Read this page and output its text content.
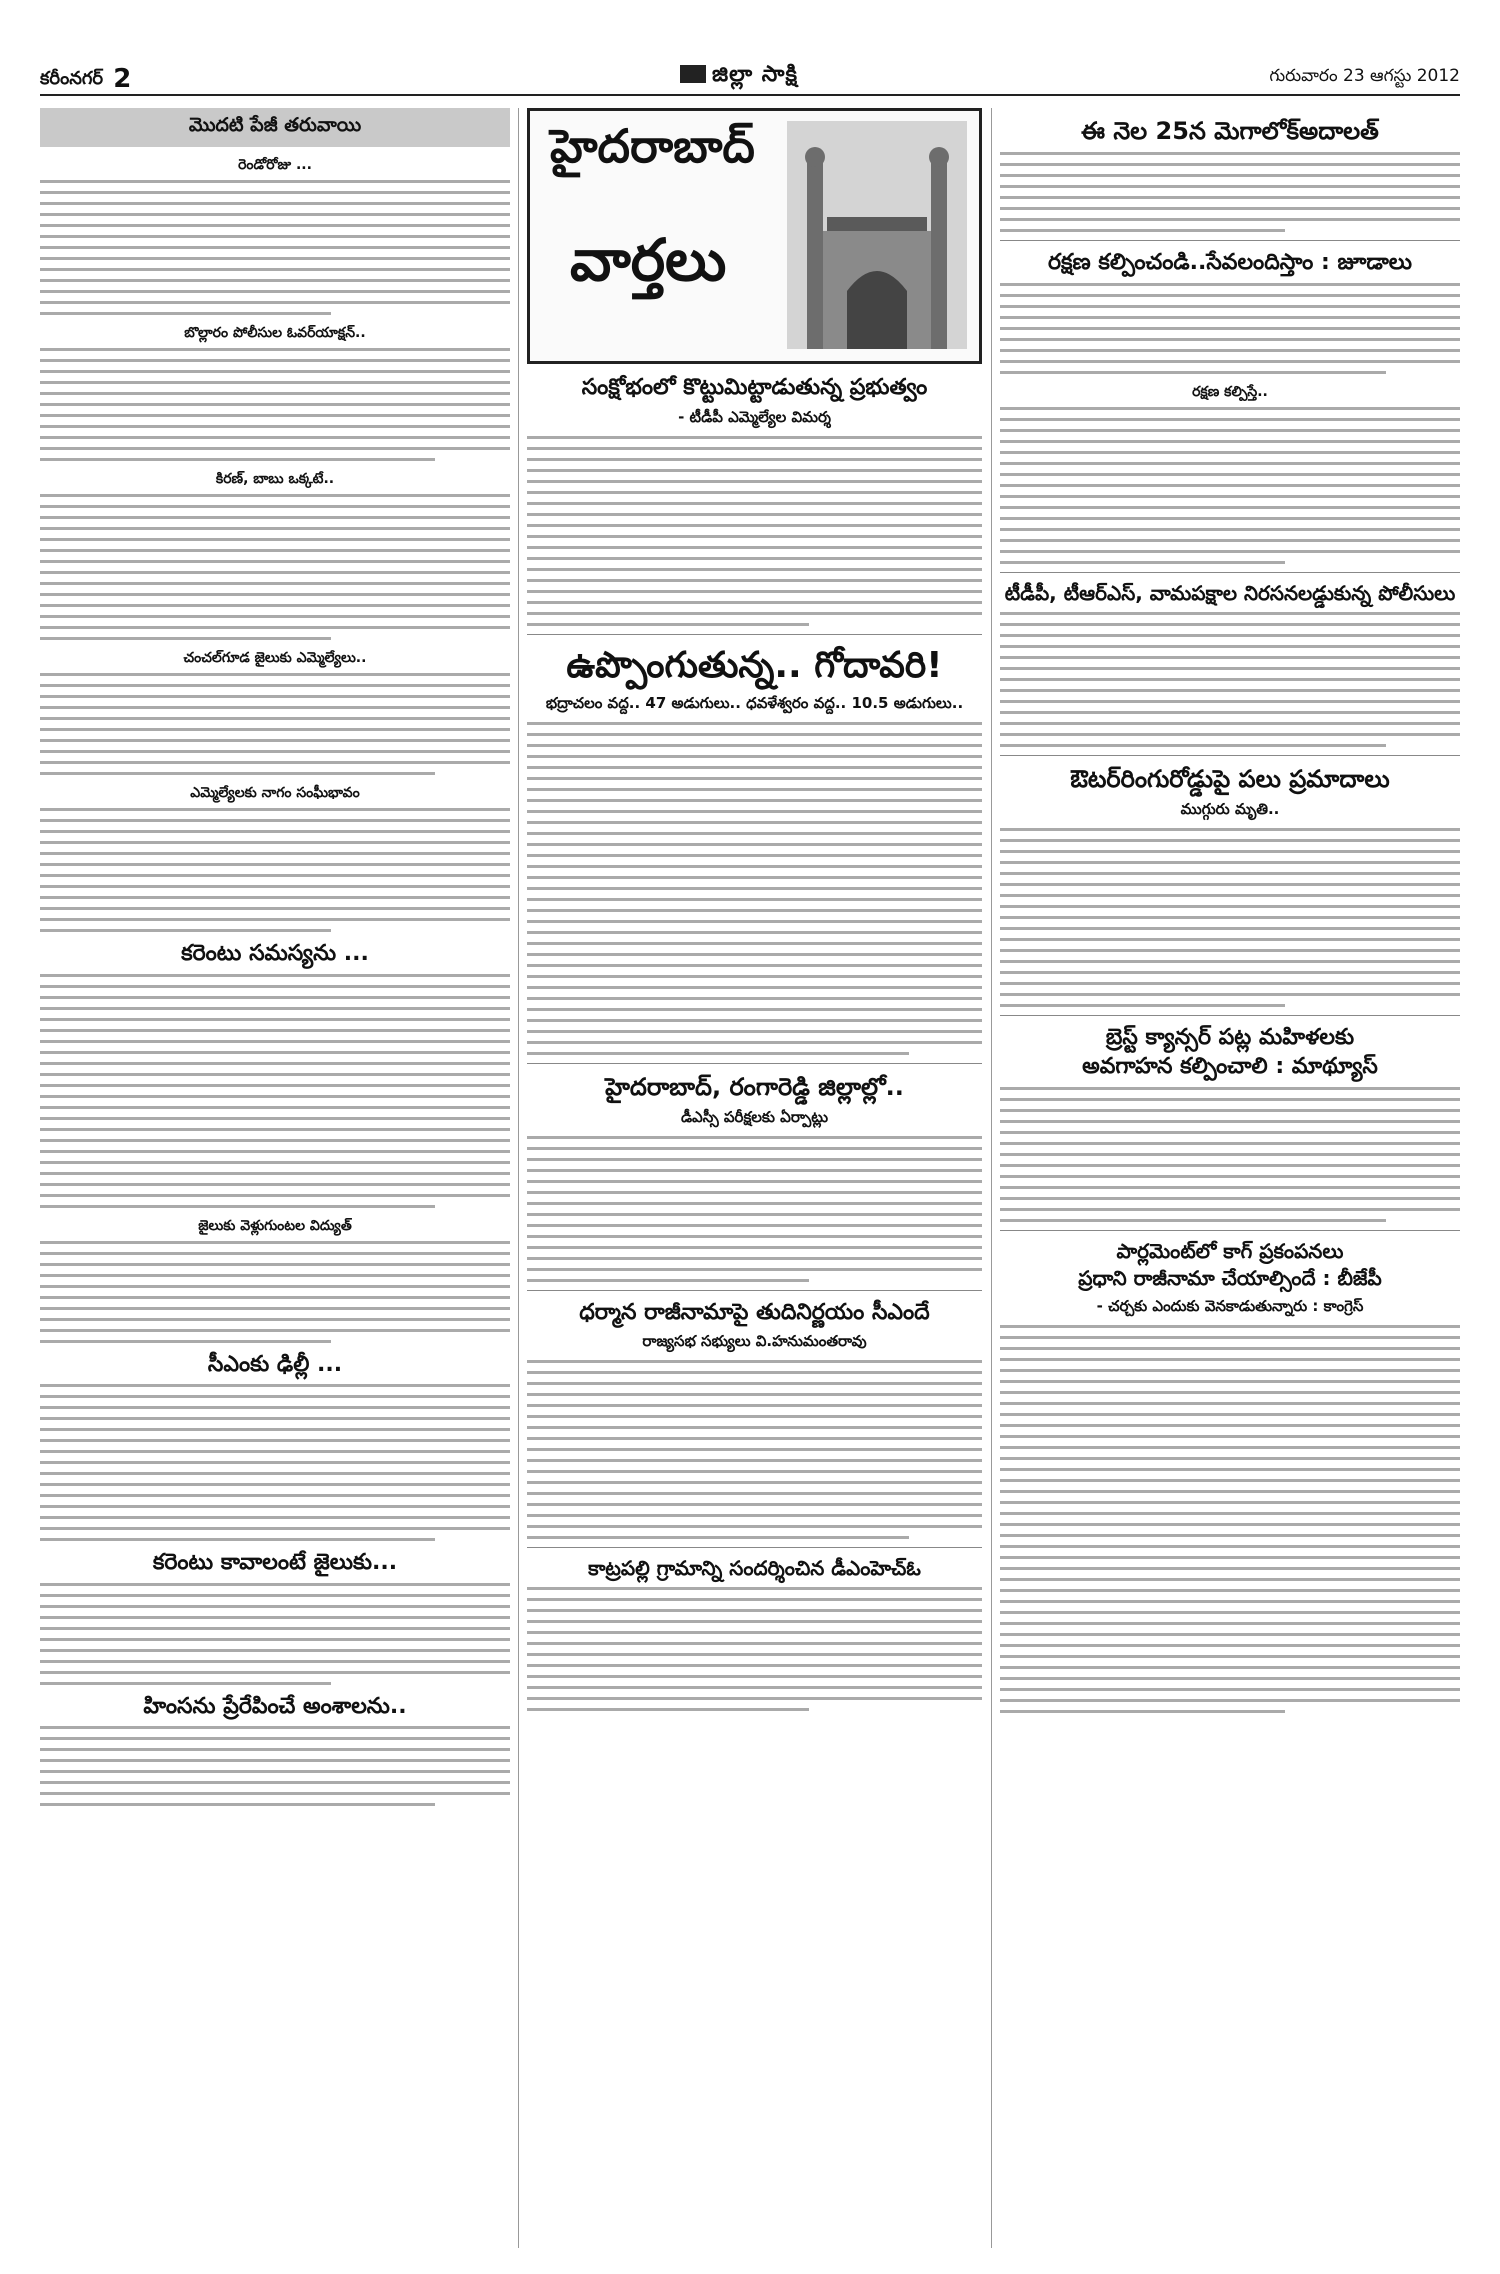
కరీంనగర్ 2	జిల్లా సాక్షి	గురువారం 23 ఆగస్టు 2012
మొదటి పేజీ తరువాయి
రెండోరోజు ...
బొల్లారం పోలీసుల ఓవర్‌యాక్షన్..
కిరణ్, బాబు ఒక్కటే..
చంచల్‌గూడ జైలుకు ఎమ్మెల్యేలు..
ఎమ్మెల్యేలకు నాగం సంఘీభావం
కరెంటు సమస్యను ...
జైలుకు వెళ్లుగుంటల విద్యుత్
సీఎంకు ఢిల్లీ ...
కరెంటు కావాలంటే జైలుకు...
హింసను ప్రేరేపించే అంశాలను..
హైదరాబాద్
వార్తలు
సంక్షోభంలో కొట్టుమిట్టాడుతున్న ప్రభుత్వం
- టీడీపీ ఎమ్మెల్యేల విమర్శ
ఉప్పొంగుతున్న.. గోదావరి!
భద్రాచలం వద్ద.. 47 అడుగులు.. ధవళేశ్వరం వద్ద.. 10.5 అడుగులు..
హైదరాబాద్, రంగారెడ్డి జిల్లాల్లో..
డీఎస్సీ పరీక్షలకు ఏర్పాట్లు
ధర్మాన రాజీనామాపై తుదినిర్ణయం సీఎందే
రాజ్యసభ సభ్యులు వి.హనుమంతరావు
కాట్రపల్లి గ్రామాన్ని సందర్శించిన డీఎంహెచ్‌ఓ
ఈ నెల 25న మెగాలోక్‌అదాలత్
రక్షణ కల్పించండి..సేవలందిస్తాం : జూడాలు
రక్షణ కల్పిస్తే..
టీడీపీ, టీఆర్‌ఎస్, వామపక్షాల నిరసనలడ్డుకున్న పోలీసులు
ఔటర్‌రింగురోడ్డుపై పలు ప్రమాదాలు
ముగ్గురు మృతి..
బ్రెస్ట్ క్యాన్సర్ పట్ల మహిళలకు
అవగాహన కల్పించాలి : మాథ్యూస్
పార్లమెంట్‌లో కాగ్ ప్రకంపనలు
ప్రధాని రాజీనామా చేయాల్సిందే : బీజేపీ
- చర్చకు ఎందుకు వెనకాడుతున్నారు : కాంగ్రెస్
